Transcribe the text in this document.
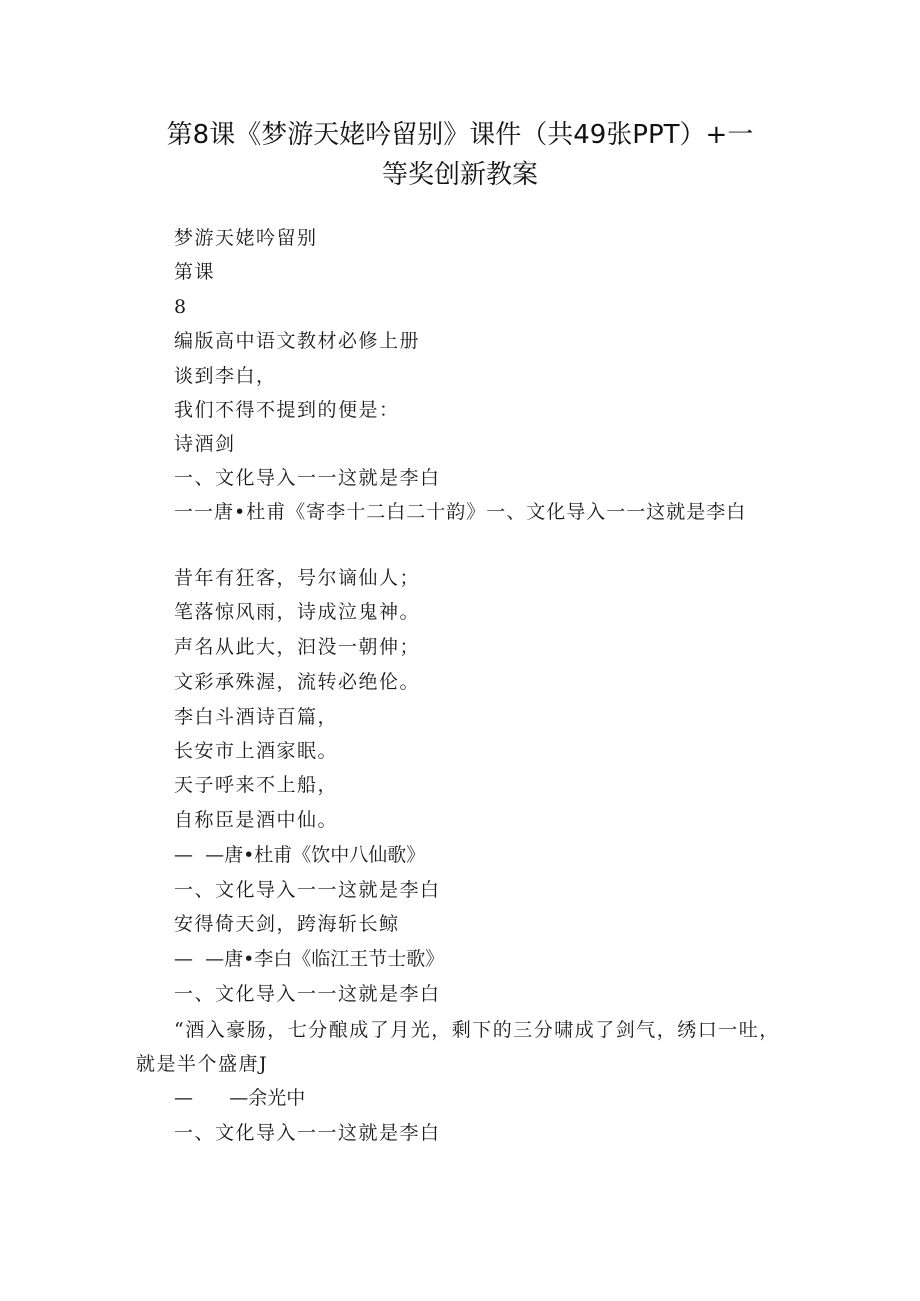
第8课《梦游天姥吟留别》课件（共49张PPT）+一
等奖创新教案
梦游天姥吟留别
第课
8
编版高中语文教材必修上册
谈到李白，
我们不得不提到的便是：
诗酒剑
一、文化导入一一这就是李白
一一唐•杜甫《寄李十二白二十韵》一、文化导入一一这就是李白
昔年有狂客，号尔谪仙人；
笔落惊风雨，诗成泣鬼神。
声名从此大，汩没一朝伸；
文彩承殊渥，流转必绝伦。
李白斗酒诗百篇，
长安市上酒家眠。
天子呼来不上船，
自称臣是酒中仙。
—  —唐•杜甫《饮中八仙歌》
一、文化导入一一这就是李白
安得倚天剑，跨海斩长鲸
—  —唐•李白《临江王节士歌》
一、文化导入一一这就是李白
“酒入豪肠，七分酿成了月光，剩下的三分啸成了剑气，绣口一吐，就是半个盛唐J
—      —余光中
一、文化导入一一这就是李白
